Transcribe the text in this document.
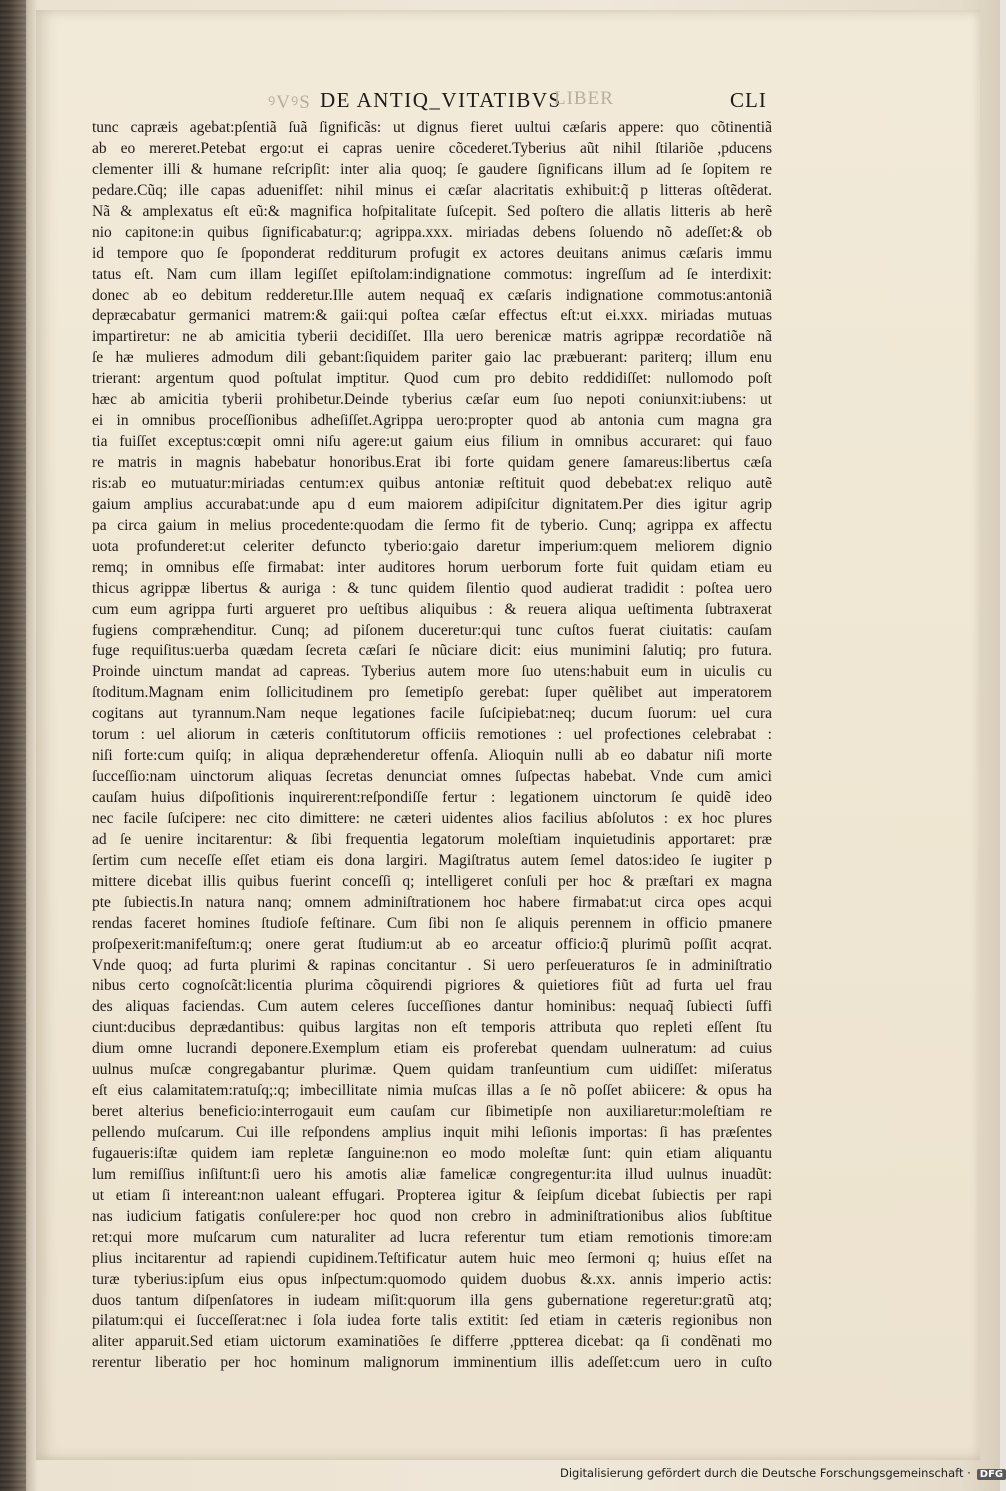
ꝰVꝰS DE ANTIQ_VITATIBVS
LIBER	CLI
tunc capræis agebat:pſentiã ſuã ſignificãs: ut dignus fieret uultui cæſaris appere: quo cõtinentiã
ab eo mereret.Petebat ergo:ut ei capras uenire cõcederet.Tyberius aũt nihil ſtilariõe ,pducens
clementer illi & humane reſcripſit: inter alia quoq; ſe gaudere ſignificans illum ad ſe ſopitem re
pedare.Cũq; ille capas aduenifſet: nihil minus ei cæſar alacritatis exhibuit:q̃ p litteras oſtẽderat.
Nã & amplexatus eſt eũ:& magnifica hoſpitalitate ſuſcepit. Sed poſtero die allatis litteris ab herẽ
nio capitone:in quibus ſignificabatur:q; agrippa.xxx. miriadas debens ſoluendo nõ adeſſet:& ob
id tempore quo ſe ſpoponderat redditurum profugit ex actores deuitans animus cæſaris immu
tatus eſt. Nam cum illam legiſſet epiſtolam:indignatione commotus: ingreſſum ad ſe interdixit:
donec ab eo debitum redderetur.Ille autem nequaq̃ ex cæſaris indignatione commotus:antoniã
depræcabatur germanici matrem:& gaii:qui poſtea cæſar effectus eſt:ut ei.xxx. miriadas mutuas
impartiretur: ne ab amicitia tyberii decidiſſet. Illa uero berenicæ matris agrippæ recordatiõe nã
ſe hæ mulieres admodum dili gebant:ſiquidem pariter gaio lac præbuerant: pariterq; illum enu
trierant: argentum quod poſtulat imptitur. Quod cum pro debito reddidiſſet: nullomodo poſt
hæc ab amicitia tyberii prohibetur.Deinde tyberius cæſar eum ſuo nepoti coniunxit:iubens: ut
ei in omnibus proceſſionibus adheſiſſet.Agrippa uero:propter quod ab antonia cum magna gra
tia fuiſſet exceptus:cœpit omni niſu agere:ut gaium eius filium in omnibus accuraret: qui fauo
re matris in magnis habebatur honoribus.Erat ibi forte quidam genere ſamareus:libertus cæſa
ris:ab eo mutuatur:miriadas centum:ex quibus antoniæ reſtituit quod debebat:ex reliquo autẽ
gaium amplius accurabat:unde apu d eum maiorem adipiſcitur dignitatem.Per dies igitur agrip
pa circa gaium in melius procedente:quodam die ſermo fit de tyberio. Cunq; agrippa ex affectu
uota profunderet:ut celeriter defuncto tyberio:gaio daretur imperium:quem meliorem dignio
remq; in omnibus eſſe firmabat: inter auditores horum uerborum forte fuit quidam etiam eu
thicus agrippæ libertus & auriga : & tunc quidem ſilentio quod audierat tradidit : poſtea uero
cum eum agrippa furti argueret pro ueſtibus aliquibus : & reuera aliqua ueſtimenta ſubtraxerat
fugiens compræhenditur. Cunq; ad piſonem duceretur:qui tunc cuſtos fuerat ciuitatis: cauſam
fuge requiſitus:uerba quædam ſecreta cæſari ſe nũciare dicit: eius munimini ſalutiq; pro futura.
Proinde uinctum mandat ad capreas. Tyberius autem more ſuo utens:habuit eum in uiculis cu
ſtoditum.Magnam enim ſollicitudinem pro ſemetipſo gerebat: ſuper quẽlibet aut imperatorem
cogitans aut tyrannum.Nam neque legationes facile ſuſcipiebat:neq; ducum ſuorum: uel cura
torum : uel aliorum in cæteris conſtitutorum officiis remotiones : uel profectiones celebrabat :
niſi forte:cum quiſq; in aliqua depræhenderetur offenſa. Alioquin nulli ab eo dabatur niſi morte
ſucceſſio:nam uinctorum aliquas ſecretas denunciat omnes ſuſpectas habebat. Vnde cum amici
cauſam huius diſpoſitionis inquirerent:reſpondiſſe fertur : legationem uinctorum ſe quidẽ ideo
nec facile ſuſcipere: nec cito dimittere: ne cæteri uidentes alios facilius abſolutos : ex hoc plures
ad ſe uenire incitarentur: & ſibi frequentia legatorum moleſtiam inquietudinis apportaret: præ
ſertim cum neceſſe eſſet etiam eis dona largiri. Magiſtratus autem ſemel datos:ideo ſe iugiter p
mittere dicebat illis quibus fuerint conceſſi q; intelligeret conſuli per hoc & præſtari ex magna
pte ſubiectis.In natura nanq; omnem adminiſtrationem hoc habere firmabat:ut circa opes acqui
rendas faceret homines ſtudioſe feſtinare. Cum ſibi non ſe aliquis perennem in officio pmanere
proſpexerit:manifeſtum:q; onere gerat ſtudium:ut ab eo arceatur officio:q̃ plurimũ poſſit acqrat.
Vnde quoq; ad furta plurimi & rapinas concitantur . Si uero perſeueraturos ſe in adminiſtratio
nibus certo cognoſcãt:licentia plurima cõquirendi pigriores & quietiores fiũt ad furta uel frau
des aliquas faciendas. Cum autem celeres ſucceſſiones dantur hominibus: nequaq̃ ſubiecti ſuffi
ciunt:ducibus deprædantibus: quibus largitas non eſt temporis attributa quo repleti eſſent ſtu
dium omne lucrandi deponere.Exemplum etiam eis proferebat quendam uulneratum: ad cuius
uulnus muſcæ congregabantur plurimæ. Quem quidam tranſeuntium cum uidiſſet: miſeratus
eſt eius calamitatem:ratuſq;:q; imbecillitate nimia muſcas illas a ſe nõ poſſet abiicere: & opus ha
beret alterius beneficio:interrogauit eum cauſam cur ſibimetipſe non auxiliaretur:moleſtiam re
pellendo muſcarum. Cui ille reſpondens amplius inquit mihi leſionis importas: ſi has præſentes
fugaueris:iſtæ quidem iam repletæ ſanguine:non eo modo moleſtæ ſunt: quin etiam aliquantu
lum remiſſius inſiſtunt:ſi uero his amotis aliæ famelicæ congregentur:ita illud uulnus inuadũt:
ut etiam ſi intereant:non ualeant effugari. Propterea igitur & ſeipſum dicebat ſubiectis per rapi
nas iudicium fatigatis conſulere:per hoc quod non crebro in adminiſtrationibus alios ſubſtitue
ret:qui more muſcarum cum naturaliter ad lucra referentur tum etiam remotionis timore:am
plius incitarentur ad rapiendi cupidinem.Teſtificatur autem huic meo ſermoni q; huius eſſet na
turæ tyberius:ipſum eius opus inſpectum:quomodo quidem duobus &.xx. annis imperio actis:
duos tantum diſpenſatores in iudeam miſit:quorum illa gens gubernatione regeretur:gratũ atq;
pilatum:qui ei ſucceſſerat:nec i ſola iudea forte talis extitit: ſed etiam in cæteris regionibus non
aliter apparuit.Sed etiam uictorum examinatiões ſe differre ,pptterea dicebat: qa ſi condẽnati mo
rerentur liberatio per hoc hominum malignorum imminentium illis adeſſet:cum uero in cuſto
Digitalisierung gefördert durch die Deutsche Forschungsgemeinschaft · DFG
